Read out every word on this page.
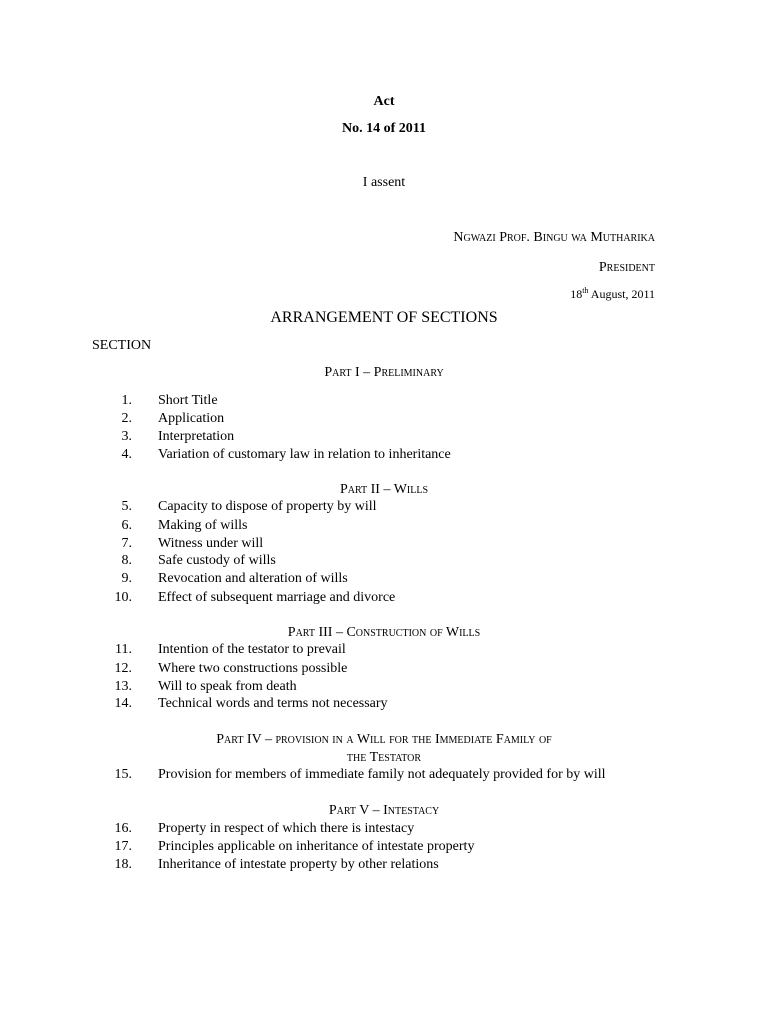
Act
No. 14 of 2011
I assent
Ngwazi Prof. Bingu wa Mutharika
President
18th August, 2011
ARRANGEMENT OF SECTIONS
SECTION
Part I – Preliminary
1. Short Title
2. Application
3. Interpretation
4. Variation of customary law in relation to inheritance
Part II – Wills
5. Capacity to dispose of property by will
6. Making of wills
7. Witness under will
8. Safe custody of wills
9. Revocation and alteration of wills
10. Effect of subsequent marriage and divorce
Part III – Construction of Wills
11. Intention of the testator to prevail
12. Where two constructions possible
13. Will to speak from death
14. Technical words and terms not necessary
Part IV – provision in a Will for the Immediate Family of
the Testator
15. Provision for members of immediate family not adequately provided for by will
Part V – Intestacy
16. Property in respect of which there is intestacy
17. Principles applicable on inheritance of intestate property
18. Inheritance of intestate property by other relations
